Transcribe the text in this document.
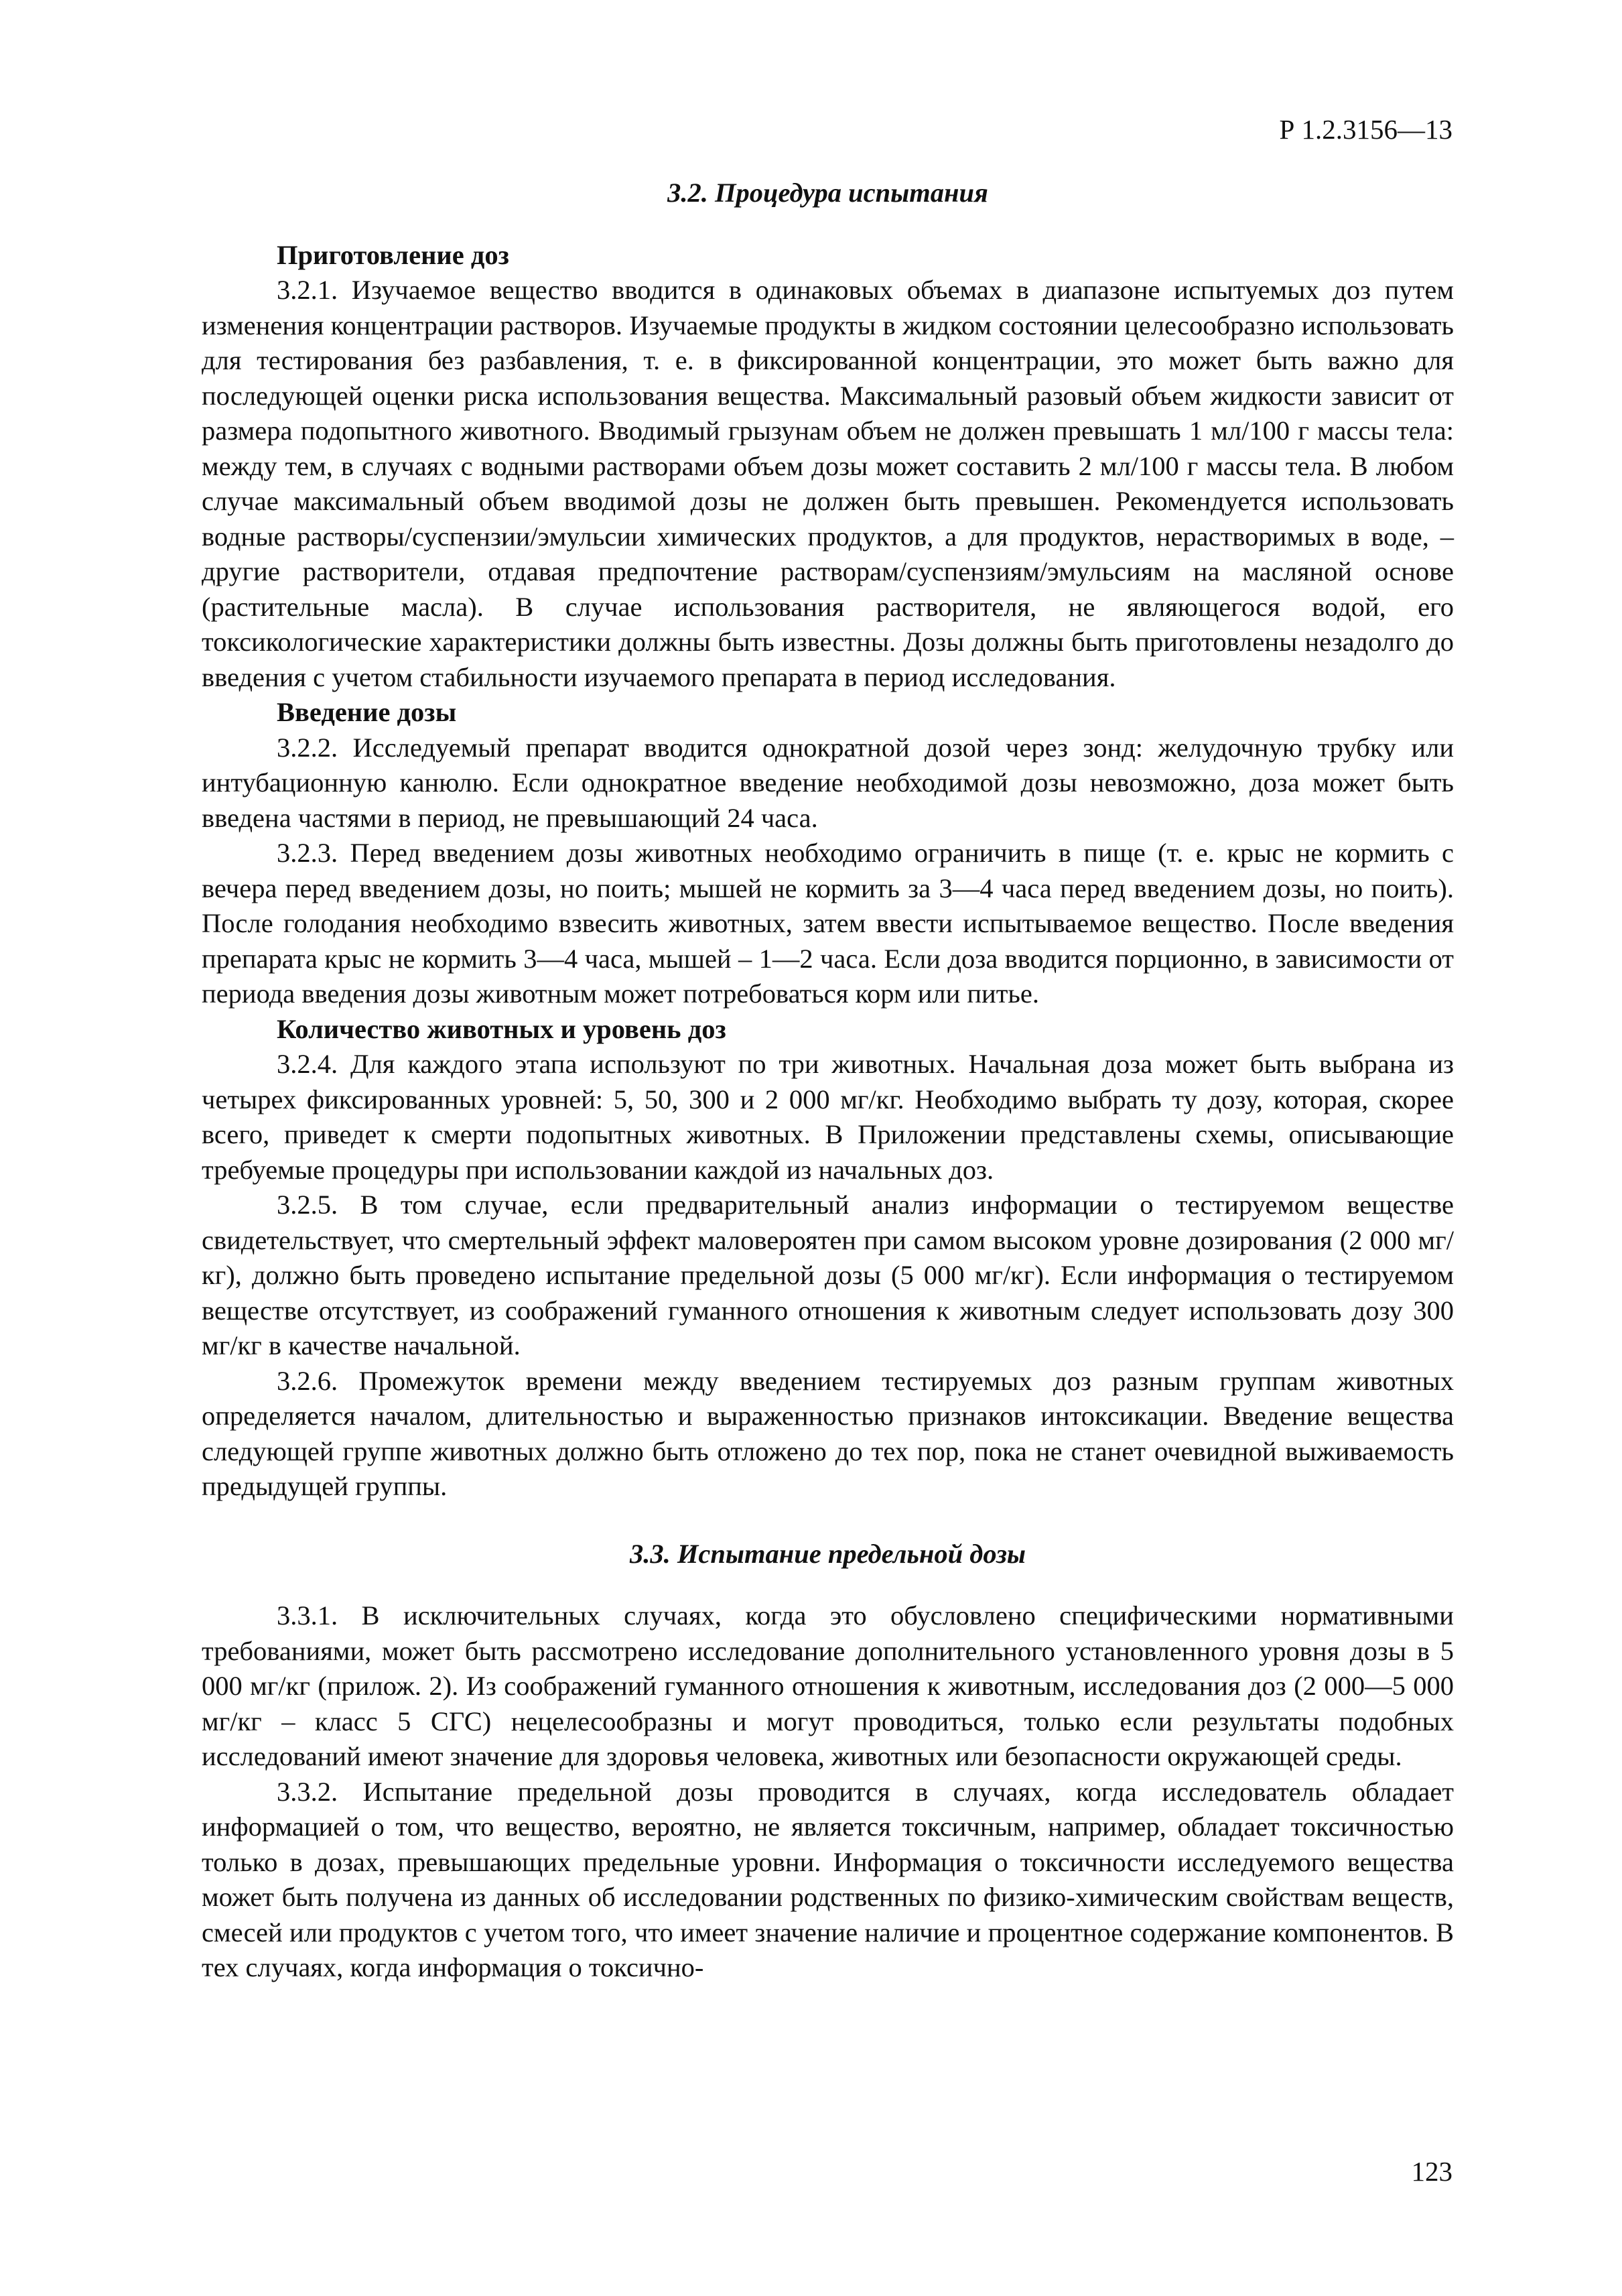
Р 1.2.3156—13

3.2. Процедура испытания

Приготовление доз

3.2.1. Изучаемое вещество вводится в одинаковых объемах в диапазоне испытуемых доз путем изменения концентрации растворов. Изучаемые продукты в жидком состоянии целесообразно использовать для тестирования без разбавления, т. е. в фиксированной концентрации, это может быть важно для последующей оценки риска использования вещества. Максимальный разовый объем жидкости зависит от размера подопытного животного. Вводимый грызунам объем не должен превышать 1 мл/100 г массы тела: между тем, в случаях с водными растворами объем дозы может составить 2 мл/100 г массы тела. В любом случае максимальный объем вводимой дозы не должен быть превышен. Рекомендуется использовать водные растворы/суспензии/эмульсии химических продуктов, а для продуктов, нерастворимых в воде, – другие растворители, отдавая предпочтение растворам/суспензиям/эмульсиям на масляной основе (растительные масла). В случае использования растворителя, не являющегося водой, его токсикологические характеристики должны быть известны. Дозы должны быть приготовлены незадолго до введения с учетом стабильности изучаемого препарата в период исследования.

Введение дозы

3.2.2. Исследуемый препарат вводится однократной дозой через зонд: желудочную трубку или интубационную канюлю. Если однократное введение необходимой дозы невозможно, доза может быть введена частями в период, не превышающий 24 часа.

3.2.3. Перед введением дозы животных необходимо ограничить в пище (т. е. крыс не кормить с вечера перед введением дозы, но поить; мышей не кормить за 3—4 часа перед введением дозы, но поить). После голодания необходимо взвесить животных, затем ввести испытываемое вещество. После введения препарата крыс не кормить 3—4 часа, мышей – 1—2 часа. Если доза вводится порционно, в зависимости от периода введения дозы животным может потребоваться корм или питье.

Количество животных и уровень доз

3.2.4. Для каждого этапа используют по три животных. Начальная доза может быть выбрана из четырех фиксированных уровней: 5, 50, 300 и 2 000 мг/кг. Необходимо выбрать ту дозу, которая, скорее всего, приведет к смерти подопытных животных. В Приложении представлены схемы, описывающие требуемые процедуры при использовании каждой из начальных доз.

3.2.5. В том случае, если предварительный анализ информации о тестируемом веществе свидетельствует, что смертельный эффект маловероятен при самом высоком уровне дозирования (2 000 мг/кг), должно быть проведено испытание предельной дозы (5 000 мг/кг). Если информация о тестируемом веществе отсутствует, из соображений гуманного отношения к животным следует использовать дозу 300 мг/кг в качестве начальной.

3.2.6. Промежуток времени между введением тестируемых доз разным группам животных определяется началом, длительностью и выраженностью признаков интоксикации. Введение вещества следующей группе животных должно быть отложено до тех пор, пока не станет очевидной выживаемость предыдущей группы.

3.3. Испытание предельной дозы

3.3.1. В исключительных случаях, когда это обусловлено специфическими нормативными требованиями, может быть рассмотрено исследование дополнительного установленного уровня дозы в 5 000 мг/кг (прилож. 2). Из соображений гуманного отношения к животным, исследования доз (2 000—5 000 мг/кг – класс 5 СГС) нецелесообразны и могут проводиться, только если результаты подобных исследований имеют значение для здоровья человека, животных или безопасности окружающей среды.

3.3.2. Испытание предельной дозы проводится в случаях, когда исследователь обладает информацией о том, что вещество, вероятно, не является токсичным, например, обладает токсичностью только в дозах, превышающих предельные уровни. Информация о токсичности исследуемого вещества может быть получена из данных об исследовании родственных по физико-химическим свойствам веществ, смесей или продуктов с учетом того, что имеет значение наличие и процентное содержание компонентов. В тех случаях, когда информация о токсично-

123
